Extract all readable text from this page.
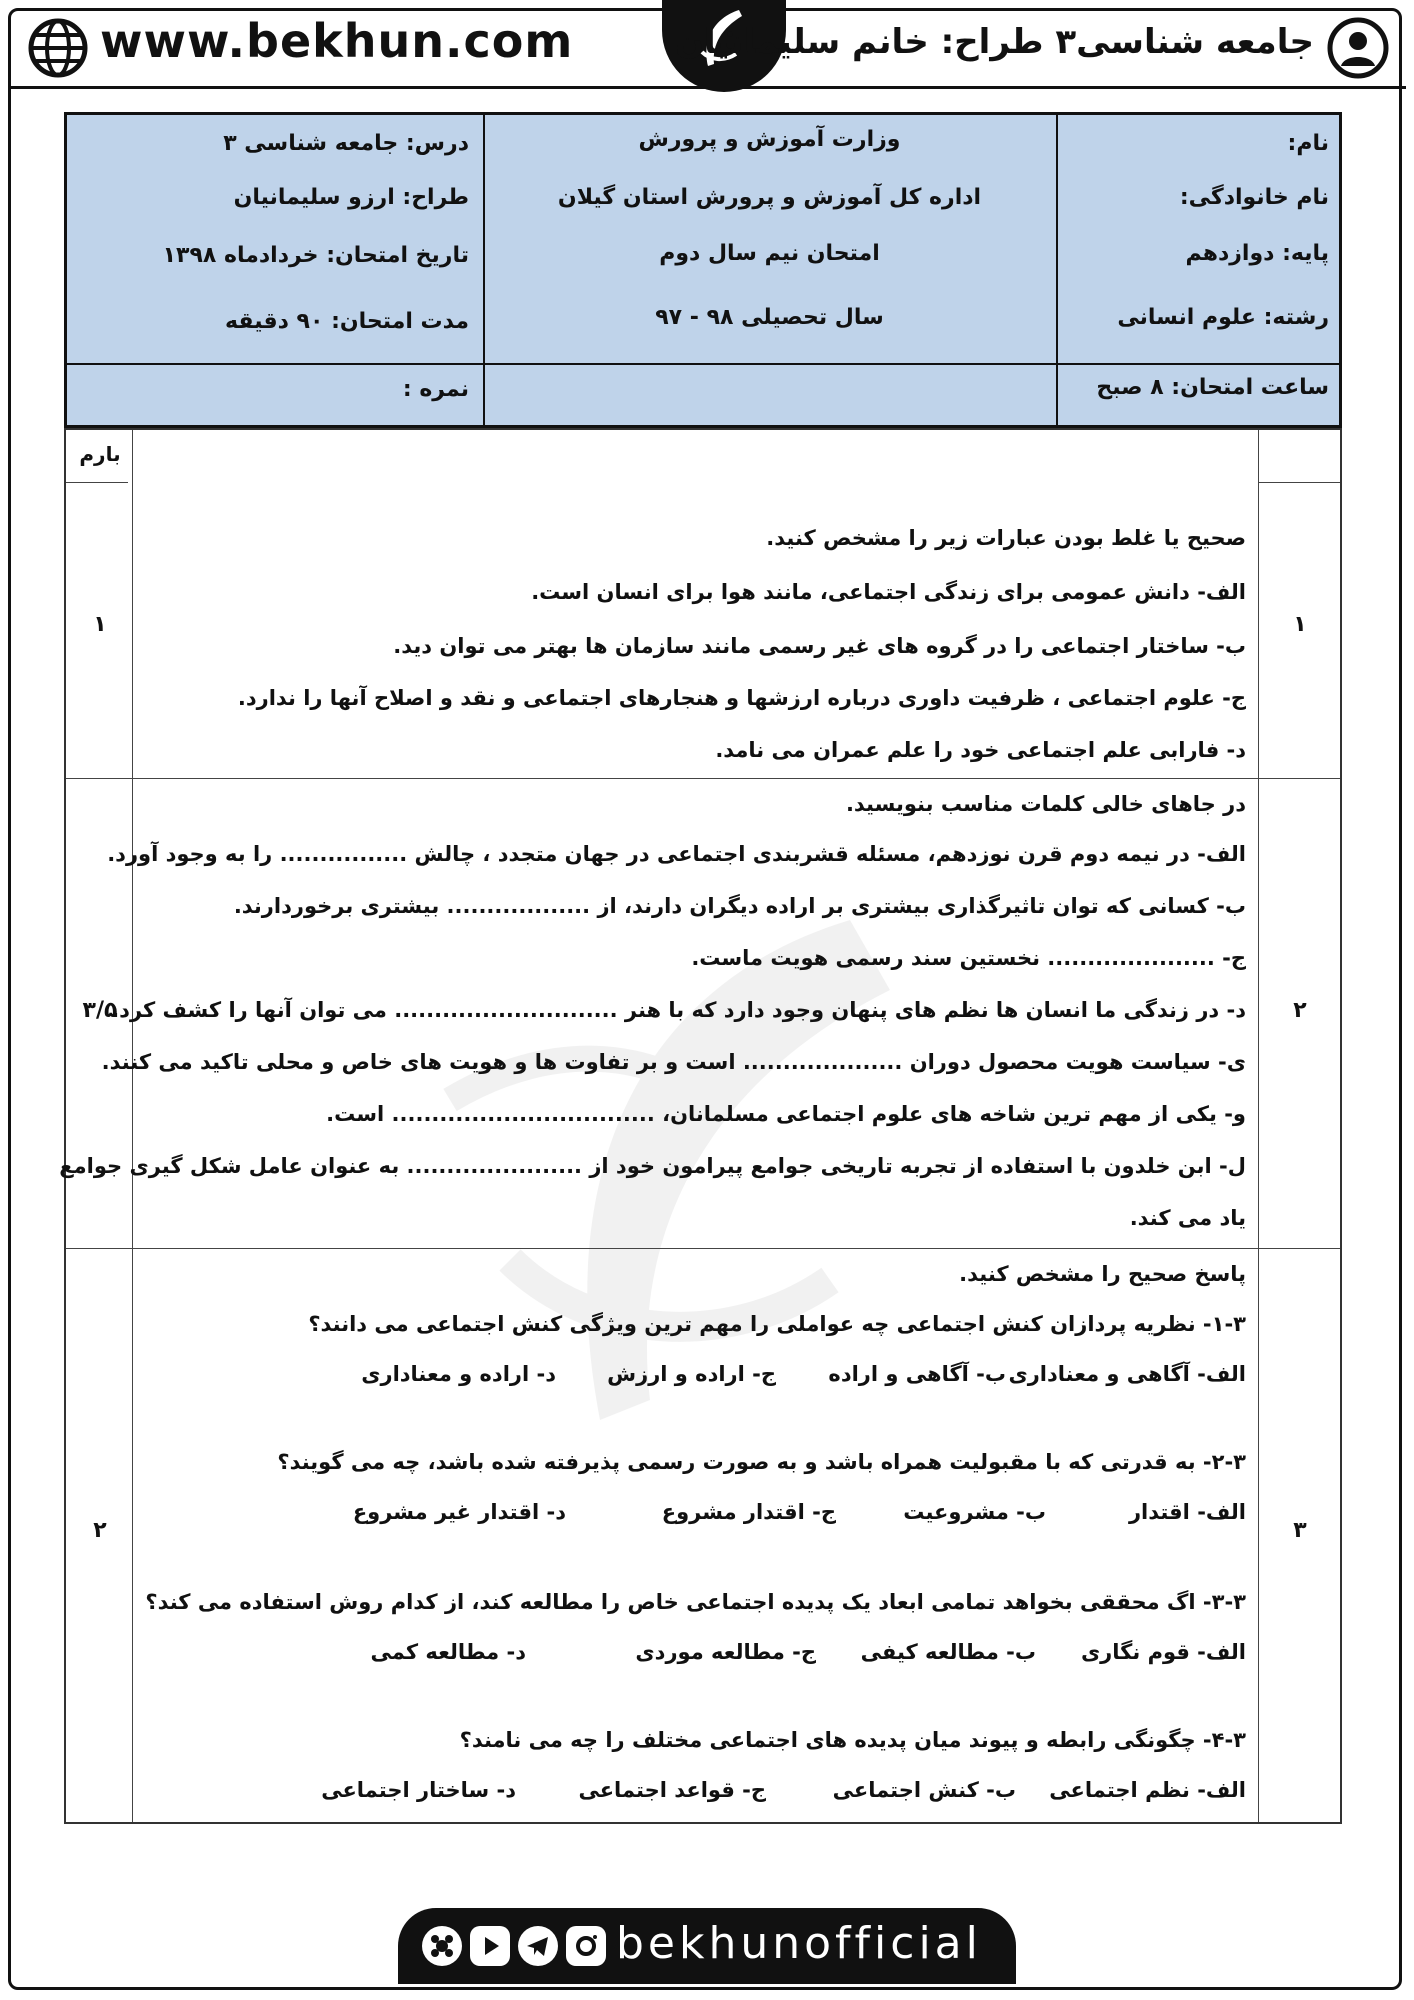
www.bekhun.com	جامعه شناسی۳ طراح: خانم سلیمانیان
نام:
نام خانوادگی:
پایه: دوازدهم
رشته: علوم انسانی
ساعت امتحان: ۸ صبح
وزارت آموزش و پرورش
اداره کل آموزش و پرورش استان گیلان
امتحان نیم سال دوم
سال تحصیلی ۹۸ - ۹۷
درس: جامعه شناسی ۳
طراح: ارزو سلیمانیان
تاریخ امتحان: خردادماه ۱۳۹۸
مدت امتحان: ۹۰ دقیقه
نمره :
بارم
۱
۱
صحیح یا غلط بودن عبارات زیر را مشخص کنید.
الف- دانش عمومی برای زندگی اجتماعی، مانند هوا برای انسان است.
ب- ساختار اجتماعی را در گروه های غیر رسمی مانند سازمان ها بهتر می توان دید.
ج- علوم اجتماعی ، ظرفیت داوری درباره ارزشها و هنجارهای اجتماعی و نقد و اصلاح آنها را ندارد.
د- فارابی علم اجتماعی خود را علم عمران می نامد.
۲
۳/۵
در جاهای خالی کلمات مناسب بنویسید.
الف- در نیمه دوم قرن نوزدهم، مسئله قشربندی اجتماعی در جهان متجدد ، چالش ................ را به وجود آورد.
ب- کسانی که توان تاثیرگذاری بیشتری بر اراده دیگران دارند، از .................. بیشتری برخوردارند.
ج- ..................... نخستین سند رسمی هویت ماست.
د- در زندگی ما انسان ها نظم های پنهان وجود دارد که با هنر ............................ می توان آنها را کشف کرد.
ی- سیاست هویت محصول دوران .................... است و بر تفاوت ها و هویت های خاص و محلی تاکید می کنند.
و- یکی از مهم ترین شاخه های علوم اجتماعی مسلمانان، ................................. است.
ل- ابن خلدون با استفاده از تجربه تاریخی جوامع پیرامون خود از ...................... به عنوان عامل شکل گیری جوامع
یاد می کند.
۳
۲
پاسخ صحیح را مشخص کنید.
۱-۳- نظریه پردازان کنش اجتماعی چه عواملی را مهم ترین ویژگی کنش اجتماعی می دانند؟
الف- آگاهی و معناداری
ب- آگاهی و اراده
ج- اراده و ارزش
د- اراده و معناداری
۲-۳- به قدرتی که با مقبولیت همراه باشد و به صورت رسمی پذیرفته شده باشد، چه می گویند؟
الف- اقتدار
ب- مشروعیت
ج- اقتدار مشروع
د- اقتدار غیر مشروع
۳-۳- اگ محققی بخواهد تمامی ابعاد یک پدیده اجتماعی خاص را مطالعه کند، از کدام روش استفاده می کند؟
الف- قوم نگاری
ب- مطالعه کیفی
ج- مطالعه موردی
د- مطالعه کمی
۴-۳- چگونگی رابطه و پیوند میان پدیده های اجتماعی مختلف را چه می نامند؟
الف- نظم اجتماعی
ب- کنش اجتماعی
ج- قواعد اجتماعی
د- ساختار اجتماعی
bekhunofficial
